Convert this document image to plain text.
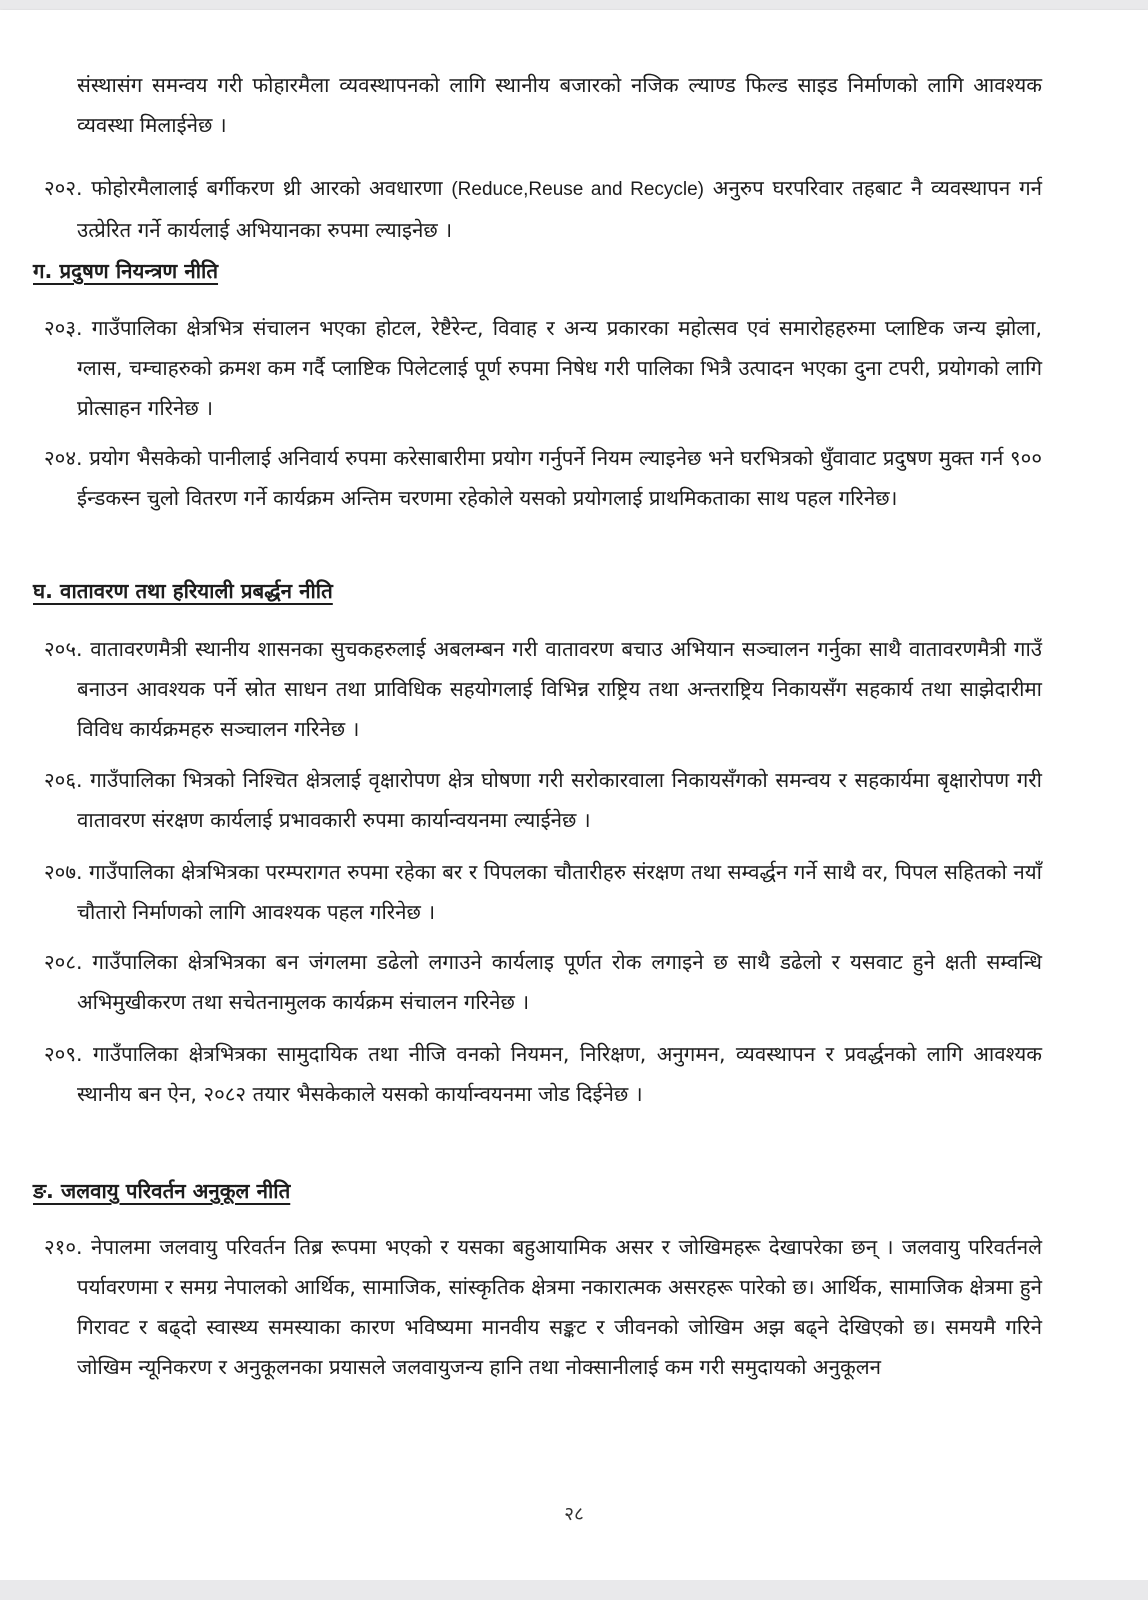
संस्थासंग समन्वय गरी फोहारमैला व्यवस्थापनको लागि स्थानीय बजारको नजिक ल्याण्ड फिल्ड साइड निर्माणको लागि आवश्यक व्यवस्था मिलाईनेछ ।
२०२. फोहोरमैलालाई बर्गीकरण थ्री आरको अवधारणा (Reduce,Reuse and Recycle) अनुरुप घरपरिवार तहबाट नै व्यवस्थापन गर्न उत्प्रेरित गर्ने कार्यलाई अभियानका रुपमा ल्याइनेछ ।
ग. प्रदुषण नियन्त्रण नीति
२०३. गाउँपालिका क्षेत्रभित्र संचालन भएका होटल, रेष्टैरेन्ट, विवाह र अन्य प्रकारका महोत्सव एवं समारोहहरुमा प्लाष्टिक जन्य झोला, ग्लास, चम्चाहरुको क्रमश कम गर्दै प्लाष्टिक पिलेटलाई पूर्ण रुपमा निषेध गरी पालिका भित्रै उत्पादन भएका दुना टपरी, प्रयोगको लागि प्रोत्साहन गरिनेछ ।
२०४. प्रयोग भैसकेको पानीलाई अनिवार्य रुपमा करेसाबारीमा प्रयोग गर्नुपर्ने नियम ल्याइनेछ भने घरभित्रको धुँवावाट प्रदुषण मुक्त गर्न ९०० ईन्डकस्न चुलो वितरण गर्ने कार्यक्रम अन्तिम चरणमा रहेकोले यसको प्रयोगलाई प्राथमिकताका साथ पहल गरिनेछ।
घ. वातावरण तथा हरियाली प्रबर्द्धन नीति
२०५. वातावरणमैत्री स्थानीय शासनका सुचकहरुलाई अबलम्बन गरी वातावरण बचाउ अभियान सञ्चालन गर्नुका साथै वातावरणमैत्री गाउँ बनाउन आवश्यक पर्ने स्रोत साधन तथा प्राविधिक सहयोगलाई विभिन्न राष्ट्रिय तथा अन्तराष्ट्रिय निकायसँग सहकार्य तथा साझेदारीमा विविध कार्यक्रमहरु सञ्चालन गरिनेछ ।
२०६. गाउँपालिका भित्रको निश्चित क्षेत्रलाई वृक्षारोपण क्षेत्र घोषणा गरी सरोकारवाला निकायसँगको समन्वय र सहकार्यमा बृक्षारोपण गरी वातावरण संरक्षण कार्यलाई प्रभावकारी रुपमा कार्यान्वयनमा ल्याईनेछ ।
२०७. गाउँपालिका क्षेत्रभित्रका परम्परागत रुपमा रहेका बर र पिपलका चौतारीहरु संरक्षण तथा सम्वर्द्धन गर्ने साथै वर, पिपल सहितको नयाँ चौतारो निर्माणको लागि आवश्यक पहल गरिनेछ ।
२०८. गाउँपालिका क्षेत्रभित्रका बन जंगलमा डढेलो लगाउने कार्यलाइ पूर्णत रोक लगाइने छ साथै डढेलो र यसवाट हुने क्षती सम्वन्धि अभिमुखीकरण तथा सचेतनामुलक कार्यक्रम संचालन गरिनेछ ।
२०९. गाउँपालिका क्षेत्रभित्रका सामुदायिक तथा नीजि वनको नियमन, निरिक्षण, अनुगमन, व्यवस्थापन र प्रवर्द्धनको लागि आवश्यक स्थानीय बन ऐन, २०८२ तयार भैसकेकाले यसको कार्यान्वयनमा जोड दिईनेछ ।
ङ. जलवायु परिवर्तन अनुकूल नीति
२१०. नेपालमा जलवायु परिवर्तन तिब्र रूपमा भएको र यसका बहुआयामिक असर र जोखिमहरू देखापरेका छन् । जलवायु परिवर्तनले पर्यावरणमा र समग्र नेपालको आर्थिक, सामाजिक, सांस्कृतिक क्षेत्रमा नकारात्मक असरहरू पारेको छ। आर्थिक, सामाजिक क्षेत्रमा हुने गिरावट र बढ्दो स्वास्थ्य समस्याका कारण भविष्यमा मानवीय सङ्कट र जीवनको जोखिम अझ बढ्ने देखिएको छ। समयमै गरिने जोखिम न्यूनिकरण र अनुकूलनका प्रयासले जलवायुजन्य हानि तथा नोक्सानीलाई कम गरी समुदायको अनुकूलन
२८
